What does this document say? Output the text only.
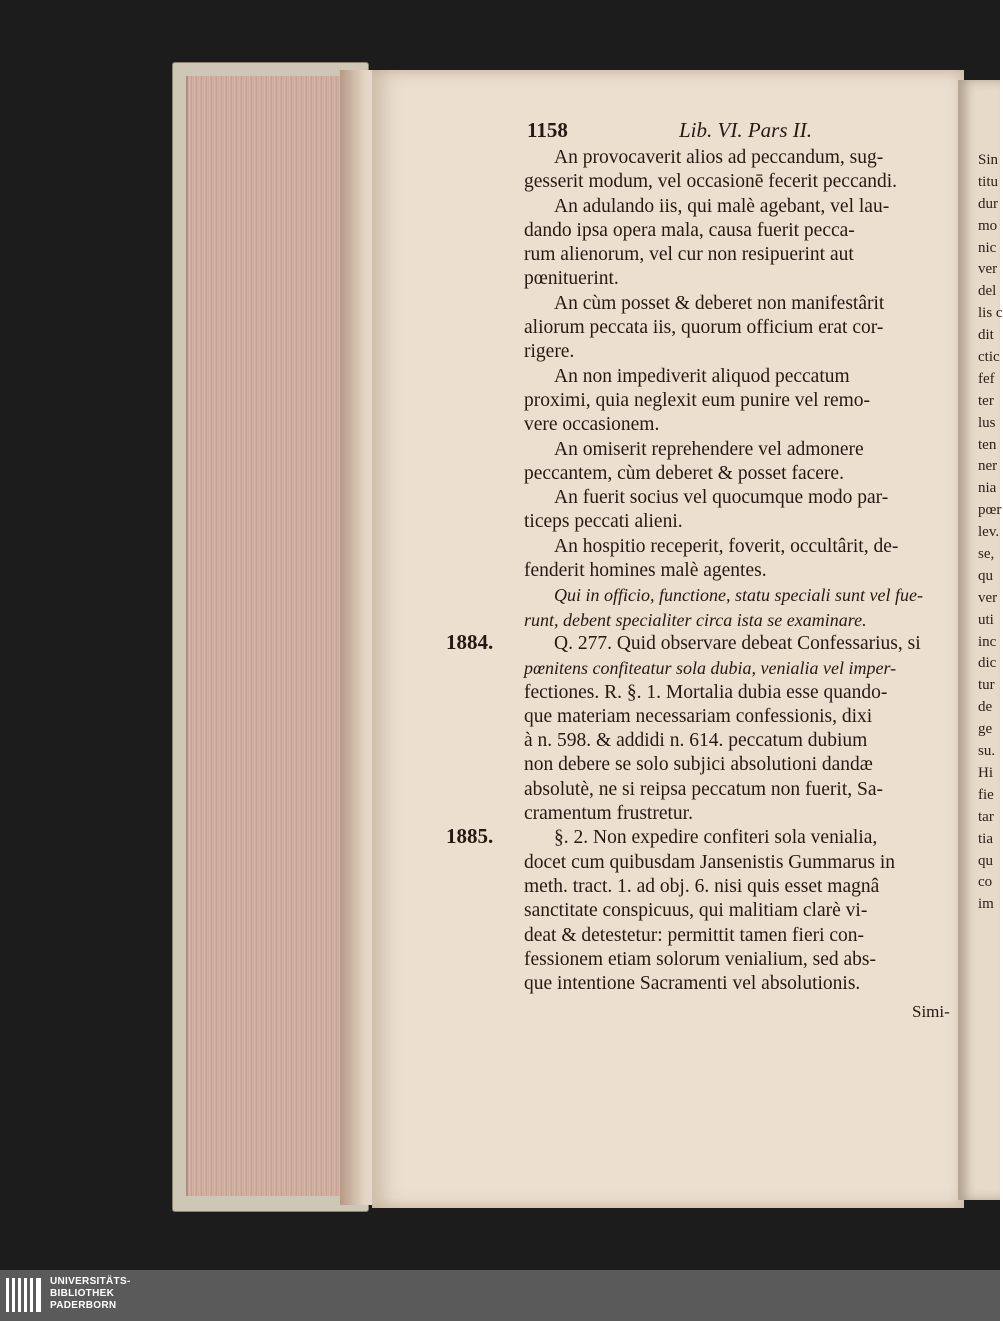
Sin
titu
dur
mo
nic
ver
del
lis c
dit
ctic
fef
ter
lus
ten
ner
nia
pœr
lev.
se,
qu
ver
uti
inc
dic
tur
de
ge
su.
Hi
fie
tar
tia
qu
co
im
1158	Lib. VI. Pars II.
An provocaverit alios ad peccandum, sug-
gesserit modum, vel occasionē fecerit peccandi.
An adulando iis, qui malè agebant, vel lau-
dando ipsa opera mala, causa fuerit pecca-
rum alienorum, vel cur non resipuerint aut
pœnituerint.
An cùm posset & deberet non manifestârit
aliorum peccata iis, quorum officium erat cor-
rigere.
An non impediverit aliquod peccatum
proximi, quia neglexit eum punire vel remo-
vere occasionem.
An omiserit reprehendere vel admonere
peccantem, cùm deberet & posset facere.
An fuerit socius vel quocumque modo par-
ticeps peccati alieni.
An hospitio receperit, foverit, occultârit, de-
fenderit homines malè agentes.
Qui in officio, functione, statu speciali sunt vel fue-
runt, debent specialiter circa ista se examinare.
Q. 277. Quid observare debeat Confessarius, si
pœnitens confiteatur sola dubia, venialia vel imper-
fectiones. R. §. 1. Mortalia dubia esse quando-
que materiam necessariam confessionis, dixi
à n. 598. & addidi n. 614. peccatum dubium
non debere se solo subjici absolutioni dandæ
absolutè, ne si reipsa peccatum non fuerit, Sa-
cramentum frustretur.
§. 2. Non expedire confiteri sola venialia,
docet cum quibusdam Jansenistis Gummarus in
meth. tract. 1. ad obj. 6. nisi quis esset magnâ
sanctitate conspicuus, qui malitiam clarè vi-
deat & detestetur: permittit tamen fieri con-
fessionem etiam solorum venialium, sed abs-
que intentione Sacramenti vel absolutionis.
1884.
1885.
Simi-
UNIVERSITÄTS-
BIBLIOTHEK
PADERBORN
